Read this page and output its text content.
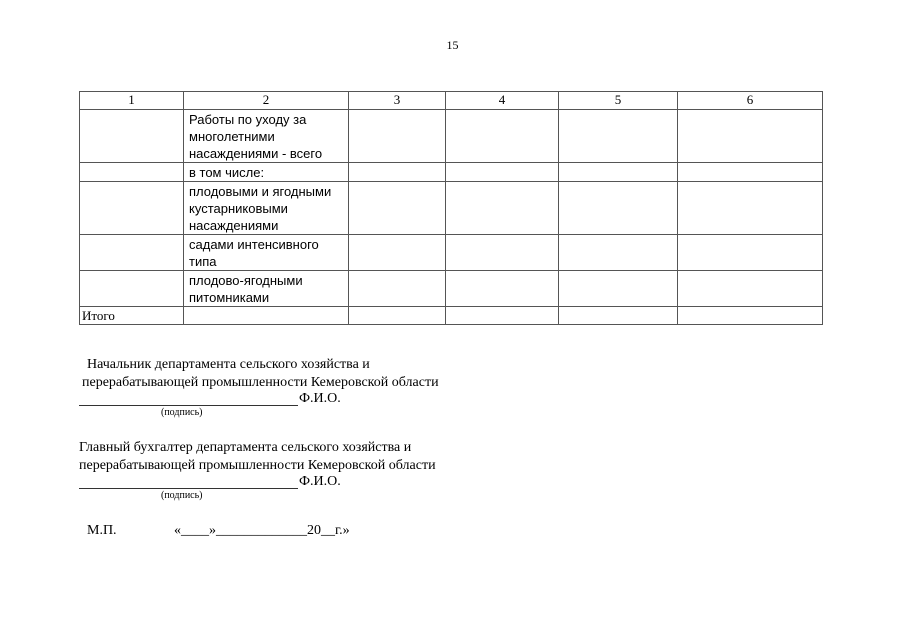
15
1	2	3	4	5	6
	Работы по уходу за многолетними насаждениями - всего				
	в том числе:				
	плодовыми и ягодными кустарниковыми насаждениями				
	садами интенсивного типа				
	плодово-ягодными питомниками				
Итого					
Начальник департамента сельского хозяйства и
перерабатывающей промышленности Кемеровской области
Ф.И.О.
(подпись)
Главный бухгалтер департамента сельского хозяйства и
перерабатывающей промышленности Кемеровской области
Ф.И.О.
(подпись)
М.П.	«____»_____________20__г.»
